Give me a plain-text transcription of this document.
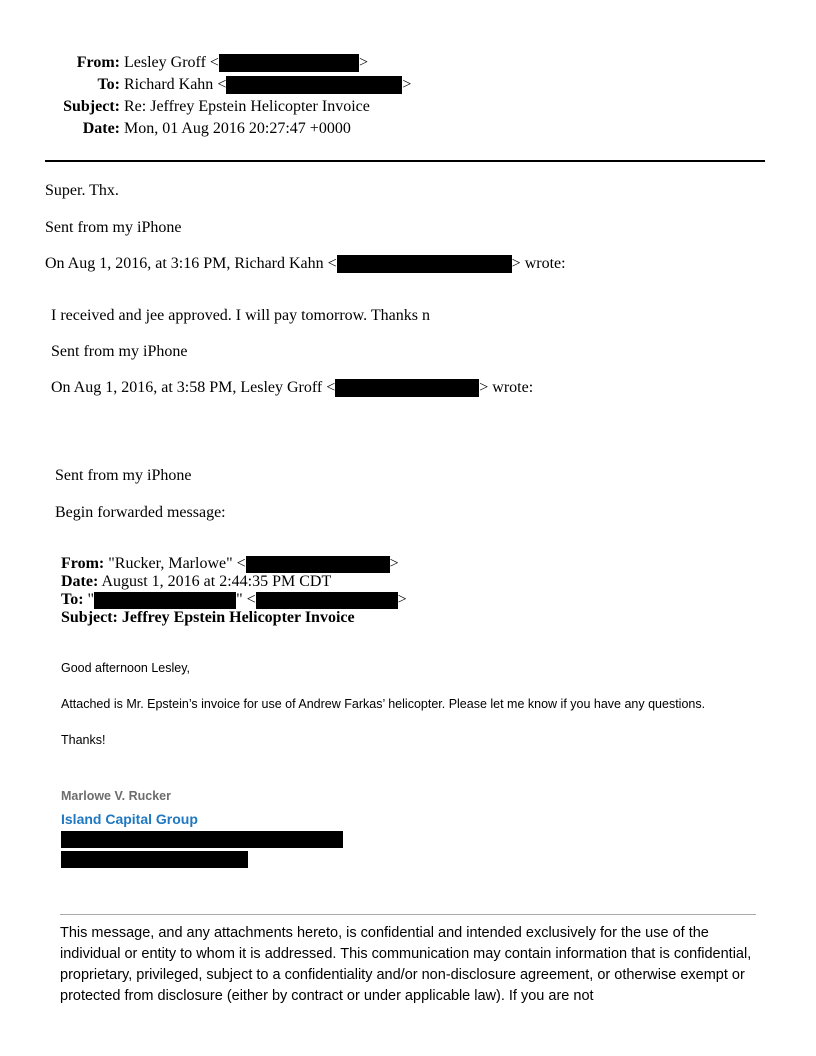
From: Lesley Groff <	>
To: Richard Kahn <	>
Subject: Re: Jeffrey Epstein Helicopter Invoice
Date: Mon, 01 Aug 2016 20:27:47 +0000
Super. Thx.
Sent from my iPhone
On Aug 1, 2016, at 3:16 PM, Richard Kahn <	> wrote:
I received and jee approved. I will pay tomorrow. Thanks n
Sent from my iPhone
On Aug 1, 2016, at 3:58 PM, Lesley Groff <	> wrote:
Sent from my iPhone
Begin forwarded message:
From: "Rucker, Marlowe" <	>
Date: August 1, 2016 at 2:44:35 PM CDT
To: "	" <	>
Subject: Jeffrey Epstein Helicopter Invoice
Good afternoon Lesley,
Attached is Mr. Epstein’s invoice for use of Andrew Farkas’ helicopter. Please let me know if you have any questions.
Thanks!
Marlowe V. Rucker
Island Capital Group
This message, and any attachments hereto, is confidential and intended exclusively for the use of the individual or entity to whom it is addressed. This communication may contain information that is confidential, proprietary, privileged, subject to a confidentiality and/or non-disclosure agreement, or otherwise exempt or protected from disclosure (either by contract or under applicable law). If you are not
